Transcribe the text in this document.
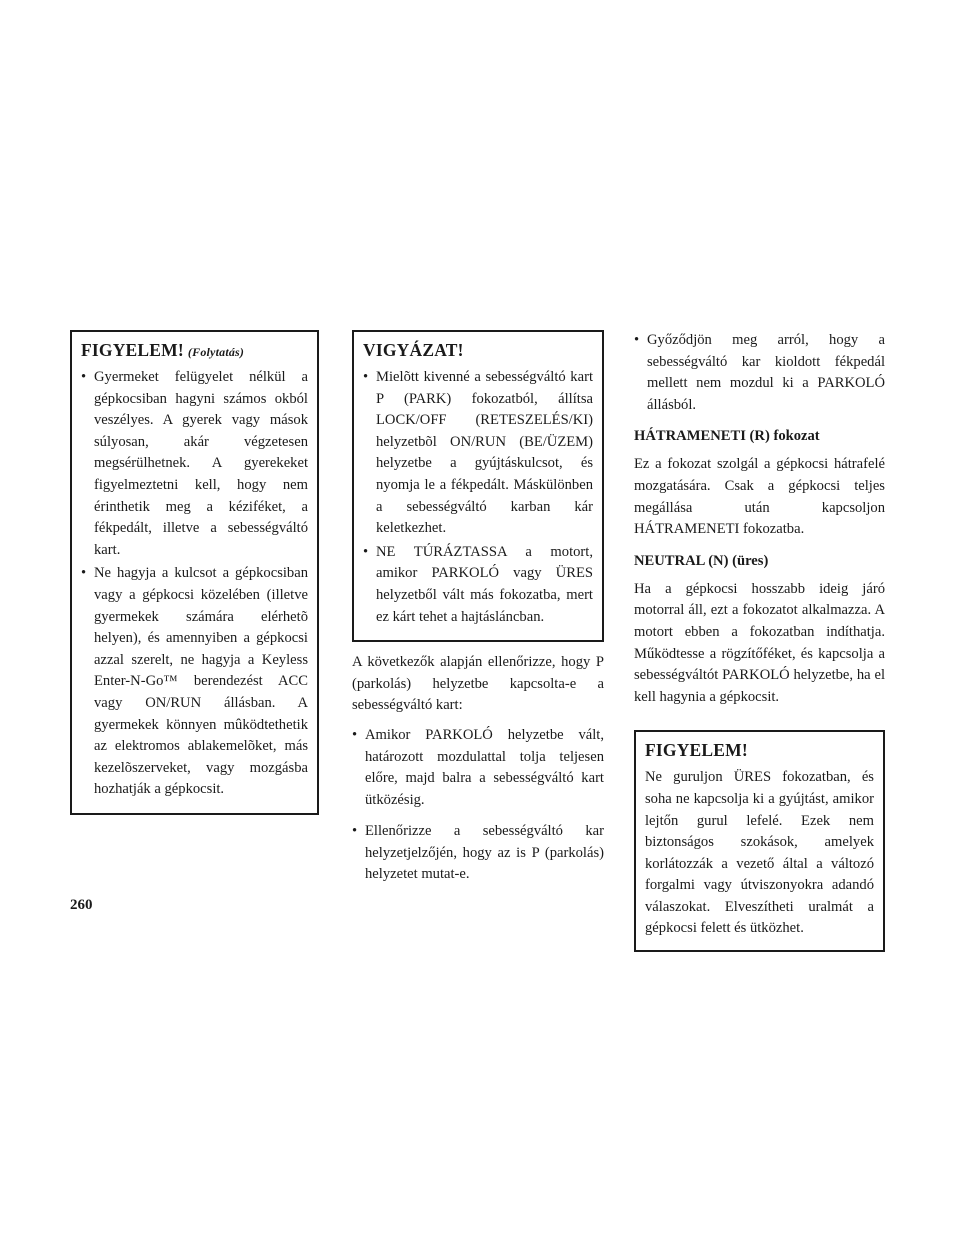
FIGYELEM! (Folytatás)
• Gyermeket felügyelet nélkül a gépkocsiban hagyni számos okból veszélyes. A gyerek vagy mások súlyosan, akár végzetesen megsérülhetnek. A gyerekeket figyelmeztetni kell, hogy nem érinthetik meg a kéziféket, a fékpedált, illetve a sebességváltó kart.
• Ne hagyja a kulcsot a gépkocsiban vagy a gépkocsi közelében (illetve gyermekek számára elérhetõ helyen), és amennyiben a gépkocsi azzal szerelt, ne hagyja a Keyless Enter-N-Go™ berendezést ACC vagy ON/RUN állásban. A gyermekek könnyen mûködtethetik az elektromos ablakemelõket, más kezelõszerveket, vagy mozgásba hozhatják a gépkocsit.
VIGYÁZAT!
• Mielõtt kivenné a sebességváltó kart P (PARK) fokozatból, állítsa LOCK/OFF (RETESZELÉS/KI) helyzetbõl ON/RUN (BE/ÜZEM) helyzetbe a gyújtáskulcsot, és nyomja le a fékpedált. Máskülönben a sebességváltó karban kár keletkezhet.
• NE TÚRÁZTASSA a motort, amikor PARKOLÓ vagy ÜRES helyzetből vált más fokozatba, mert ez kárt tehet a hajtásláncban.

A következők alapján ellenőrizze, hogy P (parkolás) helyzetbe kapcsolta-e a sebességváltó kart:

• Amikor PARKOLÓ helyzetbe vált, határozott mozdulattal tolja teljesen előre, majd balra a sebességváltó kart ütközésig.
• Ellenőrizze a sebességváltó kar helyzetjelzőjén, hogy az is P (parkolás) helyzetet mutat-e.
• Győződjön meg arról, hogy a sebességváltó kar kioldott fékpedál mellett nem mozdul ki a PARKOLÓ állásból.
HÁTRAMENETI (R) fokozat

Ez a fokozat szolgál a gépkocsi hátrafelé mozgatására. Csak a gépkocsi teljes megállása után kapcsoljon HÁTRAMENETI fokozatba.

NEUTRAL (N) (üres)

Ha a gépkocsi hosszabb ideig járó motorral áll, ezt a fokozatot alkalmazza. A motort ebben a fokozatban indíthatja. Működtesse a rögzítőféket, és kapcsolja a sebességváltót PARKOLÓ helyzetbe, ha el kell hagynia a gépkocsit.

FIGYELEM!

Ne guruljon ÜRES fokozatban, és soha ne kapcsolja ki a gyújtást, amikor lejtőn gurul lefelé. Ezek nem biztonságos szokások, amelyek korlátozzák a vezető által a változó forgalmi vagy útviszonyokra adandó válaszokat. Elveszítheti uralmát a gépkocsi felett és ütközhet.

260
